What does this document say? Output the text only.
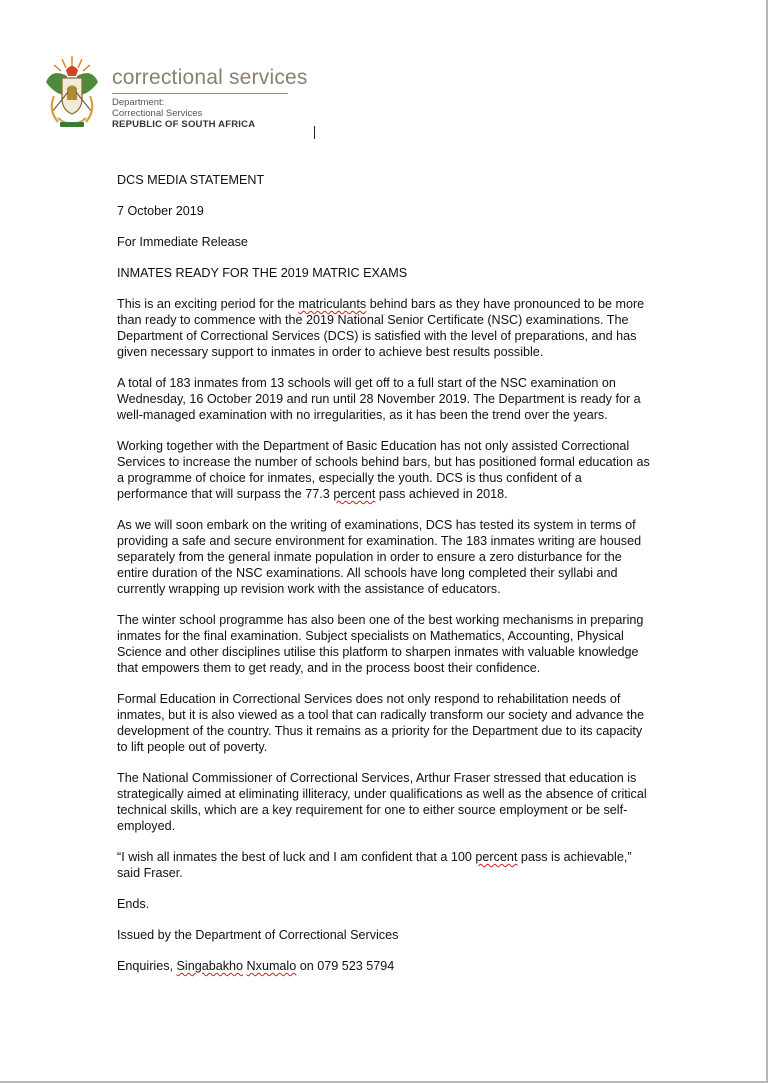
correctional services
Department:
Correctional Services
REPUBLIC OF SOUTH AFRICA

DCS MEDIA STATEMENT

7 October 2019

For Immediate Release

INMATES READY FOR THE 2019 MATRIC EXAMS

This is an exciting period for the matriculants behind bars as they have pronounced to be more than ready to commence with the 2019 National Senior Certificate (NSC) examinations. The Department of Correctional Services (DCS) is satisfied with the level of preparations, and has given necessary support to inmates in order to achieve best results possible.

A total of 183 inmates from 13 schools will get off to a full start of the NSC examination on Wednesday, 16 October 2019 and run until 28 November 2019. The Department is ready for a well-managed examination with no irregularities, as it has been the trend over the years.

Working together with the Department of Basic Education has not only assisted Correctional Services to increase the number of schools behind bars, but has positioned formal education as a programme of choice for inmates, especially the youth. DCS is thus confident of a performance that will surpass the 77.3 percent pass achieved in 2018.

As we will soon embark on the writing of examinations, DCS has tested its system in terms of providing a safe and secure environment for examination. The 183 inmates writing are housed separately from the general inmate population in order to ensure a zero disturbance for the entire duration of the NSC examinations. All schools have long completed their syllabi and currently wrapping up revision work with the assistance of educators.

The winter school programme has also been one of the best working mechanisms in preparing inmates for the final examination. Subject specialists on Mathematics, Accounting, Physical Science and other disciplines utilise this platform to sharpen inmates with valuable knowledge that empowers them to get ready, and in the process boost their confidence.

Formal Education in Correctional Services does not only respond to rehabilitation needs of inmates, but it is also viewed as a tool that can radically transform our society and advance the development of the country. Thus it remains as a priority for the Department due to its capacity to lift people out of poverty.

The National Commissioner of Correctional Services, Arthur Fraser stressed that education is strategically aimed at eliminating illiteracy, under qualifications as well as the absence of critical technical skills, which are a key requirement for one to either source employment or be self-employed.

“I wish all inmates the best of luck and I am confident that a 100 percent pass is achievable,” said Fraser.

Ends.

Issued by the Department of Correctional Services

Enquiries, Singabakho Nxumalo on 079 523 5794
